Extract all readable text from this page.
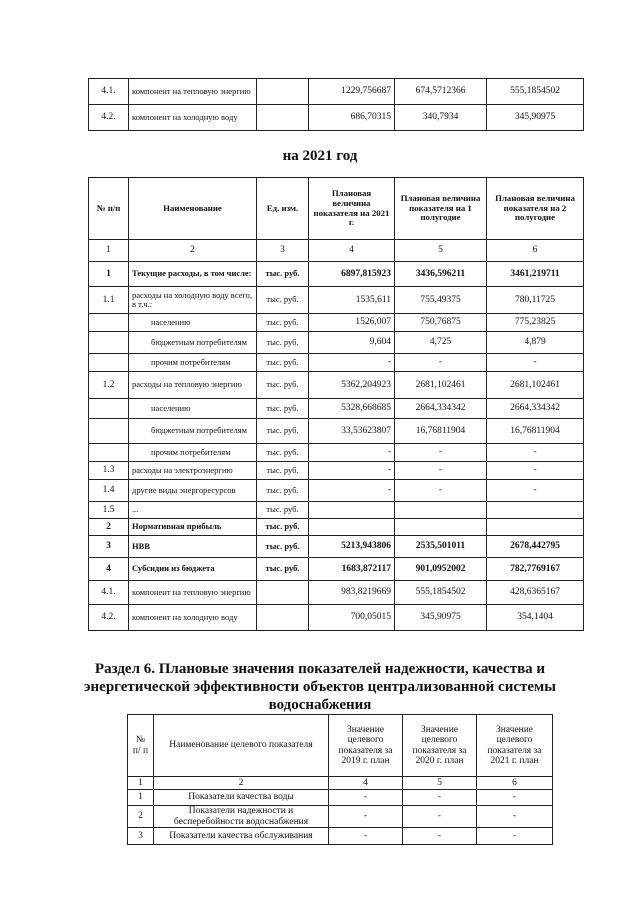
4.1.	компонент на тепловую энергию		1229,756687	674,5712366	555,1854502
4.2.	компонент на холодную воду		686,70315	340,7934	345,90975
на 2021 год
№ п/п	Наименование	Ед. изм.	Плановая величина показателя на 2021 г.	Плановая величина показателя на 1 полугодие	Плановая величина показателя на 2 полугодие
1	2	3	4	5	6
1	Текущие расходы, в том числе:	тыс. руб.	6897,815923	3436,596211	3461,219711
1.1	расходы на холодную воду всего, в т.ч.:	тыс. руб.	1535,611	755,49375	780,11725
	населению	тыс. руб.	1526,007	750,76875	775,23825
	бюджетным потребителям	тыс. руб.	9,604	4,725	4,879
	прочим потребителям	тыс. руб.	-	-	-
1.2	расходы на тепловую энергию	тыс. руб.	5362,204923	2681,102461	2681,102461
	населению	тыс. руб.	5328,668685	2664,334342	2664,334342
	бюджетным потребителям	тыс. руб.	33,53623807	16,76811904	16,76811904
	прочим потребителям	тыс. руб.	-	-	-
1.3	расходы на электроэнергию	тыс. руб.	-	-	-
1.4	другие виды энергоресурсов	тыс. руб.	-	-	-
1.5	...	тыс. руб.			
2	Нормативная прибыль	тыс. руб.			
3	НВВ	тыс. руб.	5213,943806	2535,501011	2678,442795
4	Субсидии из бюджета	тыс. руб.	1683,872117	901,0952002	782,7769167
4.1.	компонент на тепловую энергию		983,8219669	555,1854502	428,6365167
4.2.	компонент на холодную воду		700,05015	345,90975	354,1404
Раздел 6. Плановые значения показателей надежности, качества и энергетической эффективности объектов централизованной системы водоснабжения
№ п/ п	Наименование целевого показателя	Значение целевого показателя за 2019 г. план	Значение целевого показателя за 2020 г. план	Значение целевого показателя за 2021 г. план
1	2	4	5	6
1	Показатели качества воды	-	-	-
2	Показатели надежности и бесперебойности водоснабжения	-	-	-
3	Показатели качества обслуживания	-	-	-
